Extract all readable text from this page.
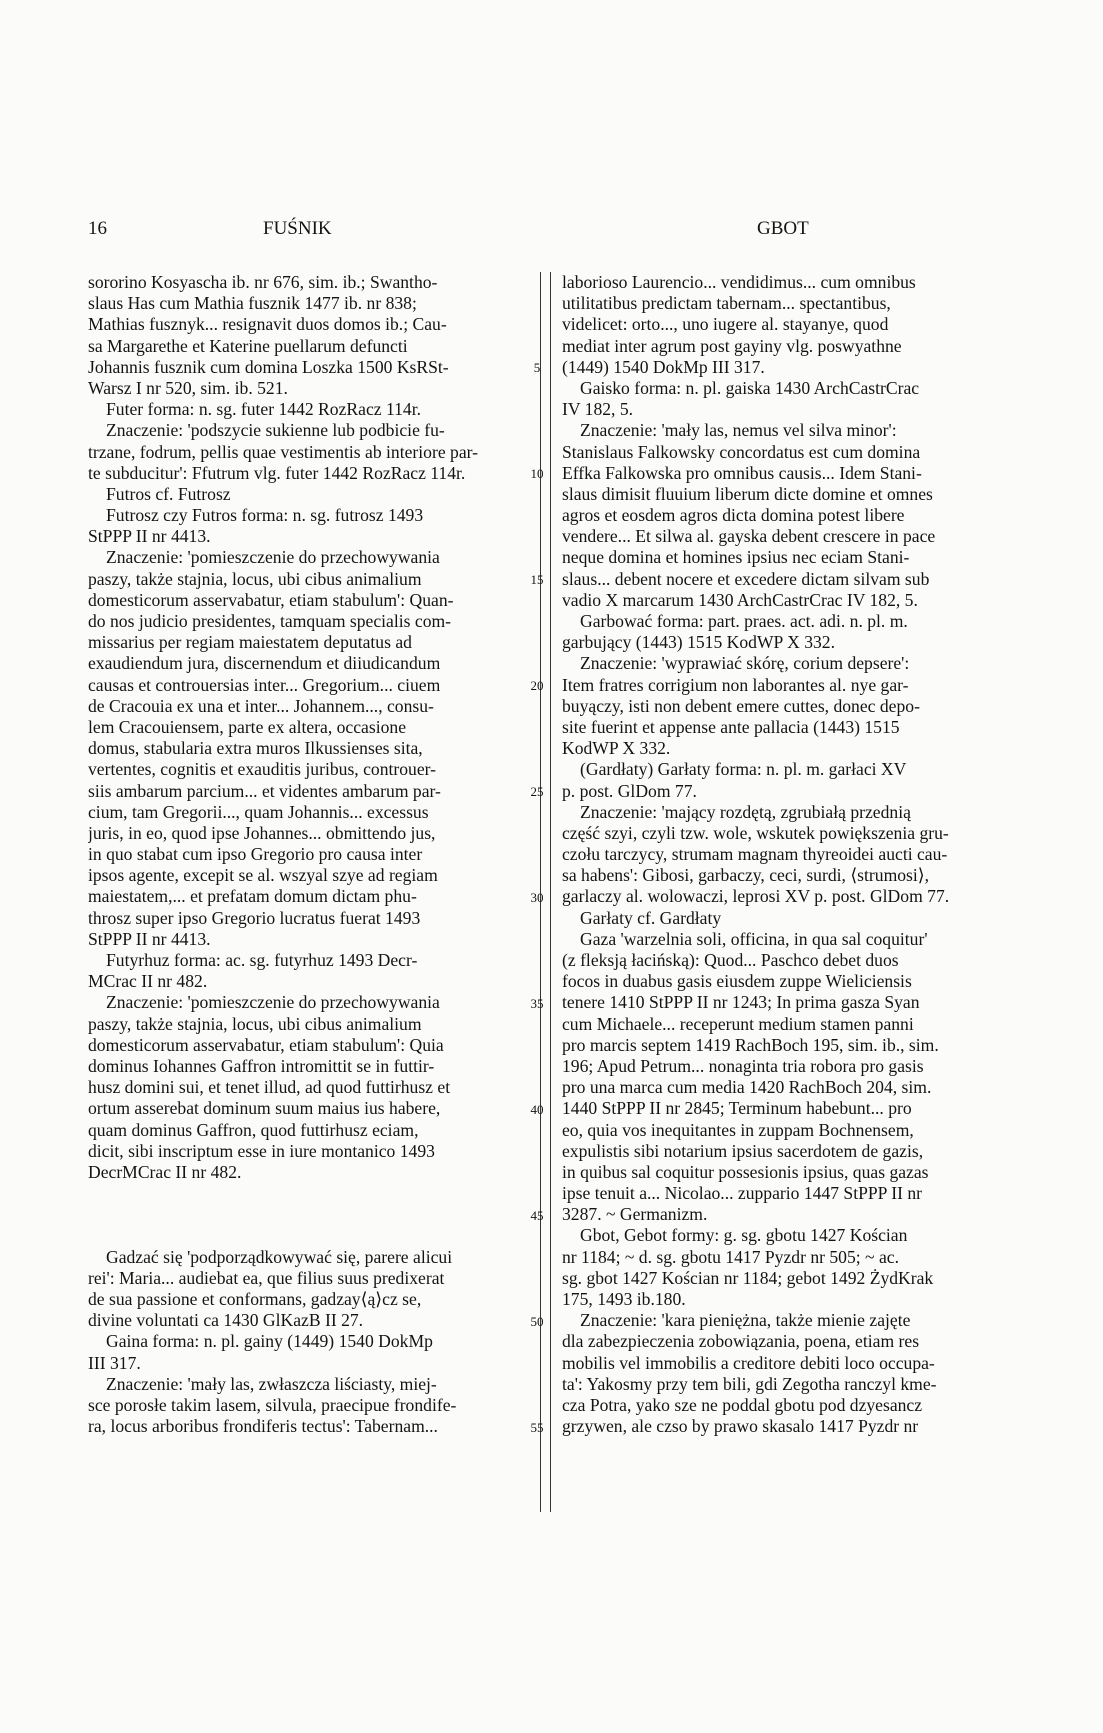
16	FUŚNIK	GBOT
sororino Kosyascha ib. nr 676, sim. ib.; Swantho-
slaus Has cum Mathia fusznik 1477 ib. nr 838;
Mathias fusznyk... resignavit duos domos ib.; Cau-
sa Margarethe et Katerine puellarum defuncti
Johannis fusznik cum domina Loszka 1500 KsRSt-
Warsz I nr 520, sim. ib. 521.
Futer forma: n. sg. futer 1442 RozRacz 114r.
Znaczenie: 'podszycie sukienne lub podbicie fu-
trzane, fodrum, pellis quae vestimentis ab interiore par-
te subducitur': Ffutrum vlg. futer 1442 RozRacz 114r.
Futros cf. Futrosz
Futrosz czy Futros forma: n. sg. futrosz 1493
StPPP II nr 4413.
Znaczenie: 'pomieszczenie do przechowywania
paszy, także stajnia, locus, ubi cibus animalium
domesticorum asservabatur, etiam stabulum': Quan-
do nos judicio presidentes, tamquam specialis com-
missarius per regiam maiestatem deputatus ad
exaudiendum jura, discernendum et diiudicandum
causas et controuersias inter... Gregorium... ciuem
de Cracouia ex una et inter... Johannem..., consu-
lem Cracouiensem, parte ex altera, occasione
domus, stabularia extra muros Ilkussienses sita,
vertentes, cognitis et exauditis juribus, controuer-
siis ambarum parcium... et videntes ambarum par-
cium, tam Gregorii..., quam Johannis... excessus
juris, in eo, quod ipse Johannes... obmittendo jus,
in quo stabat cum ipso Gregorio pro causa inter
ipsos agente, excepit se al. wszyal szye ad regiam
maiestatem,... et prefatam domum dictam phu-
throsz super ipso Gregorio lucratus fuerat 1493
StPPP II nr 4413.
Futyrhuz forma: ac. sg. futyrhuz 1493 Decr-
MCrac II nr 482.
Znaczenie: 'pomieszczenie do przechowywania
paszy, także stajnia, locus, ubi cibus animalium
domesticorum asservabatur, etiam stabulum': Quia
dominus Iohannes Gaffron intromittit se in futtir-
husz domini sui, et tenet illud, ad quod futtirhusz et
ortum asserebat dominum suum maius ius habere,
quam dominus Gaffron, quod futtirhusz eciam,
dicit, sibi inscriptum esse in iure montanico 1493
DecrMCrac II nr 482.
Gadzać się 'podporządkowywać się, parere alicui
rei': Maria... audiebat ea, que filius suus predixerat
de sua passione et conformans, gadzay⟨ą⟩cz se,
divine voluntati ca 1430 GlKazB II 27.
Gaina forma: n. pl. gainy (1449) 1540 DokMp
III 317.
Znaczenie: 'mały las, zwłaszcza liściasty, miej-
sce porosłe takim lasem, silvula, praecipue frondife-
ra, locus arboribus frondiferis tectus': Tabernam...
5
10
15
20
25
30
35
40
45
50
55
laborioso Laurencio... vendidimus... cum omnibus
utilitatibus predictam tabernam... spectantibus,
videlicet: orto..., uno iugere al. stayanye, quod
mediat inter agrum post gayiny vlg. poswyathne
(1449) 1540 DokMp III 317.
Gaisko forma: n. pl. gaiska 1430 ArchCastrCrac
IV 182, 5.
Znaczenie: 'mały las, nemus vel silva minor':
Stanislaus Falkowsky concordatus est cum domina
Effka Falkowska pro omnibus causis... Idem Stani-
slaus dimisit fluuium liberum dicte domine et omnes
agros et eosdem agros dicta domina potest libere
vendere... Et silwa al. gayska debent crescere in pace
neque domina et homines ipsius nec eciam Stani-
slaus... debent nocere et excedere dictam silvam sub
vadio X marcarum 1430 ArchCastrCrac IV 182, 5.
Garbować forma: part. praes. act. adi. n. pl. m.
garbujący (1443) 1515 KodWP X 332.
Znaczenie: 'wyprawiać skórę, corium depsere':
Item fratres corrigium non laborantes al. nye gar-
buyączy, isti non debent emere cuttes, donec depo-
site fuerint et appense ante pallacia (1443) 1515
KodWP X 332.
(Gardłaty) Garłaty forma: n. pl. m. garłaci XV
p. post. GlDom 77.
Znaczenie: 'mający rozdętą, zgrubiałą przednią
część szyi, czyli tzw. wole, wskutek powiększenia gru-
czołu tarczycy, strumam magnam thyreoidei aucti cau-
sa habens': Gibosi, garbaczy, ceci, surdi, ⟨strumosi⟩,
garlaczy al. wolowaczi, leprosi XV p. post. GlDom 77.
Garłaty cf. Gardłaty
Gaza 'warzelnia soli, officina, in qua sal coquitur'
(z fleksją łacińską): Quod... Paschco debet duos
focos in duabus gasis eiusdem zuppe Wieliciensis
tenere 1410 StPPP II nr 1243; In prima gasza Syan
cum Michaele... receperunt medium stamen panni
pro marcis septem 1419 RachBoch 195, sim. ib., sim.
196; Apud Petrum... nonaginta tria robora pro gasis
pro una marca cum media 1420 RachBoch 204, sim.
1440 StPPP II nr 2845; Terminum habebunt... pro
eo, quia vos inequitantes in zuppam Bochnensem,
expulistis sibi notarium ipsius sacerdotem de gazis,
in quibus sal coquitur possesionis ipsius, quas gazas
ipse tenuit a... Nicolao... zuppario 1447 StPPP II nr
3287. ~ Germanizm.
Gbot, Gebot formy: g. sg. gbotu 1427 Kościan
nr 1184; ~ d. sg. gbotu 1417 Pyzdr nr 505; ~ ac.
sg. gbot 1427 Kościan nr 1184; gebot 1492 ŻydKrak
175, 1493 ib.180.
Znaczenie: 'kara pieniężna, także mienie zajęte
dla zabezpieczenia zobowiązania, poena, etiam res
mobilis vel immobilis a creditore debiti loco occupa-
ta': Yakosmy przy tem bili, gdi Zegotha ranczyl kme-
cza Potra, yako sze ne poddal gbotu pod dzyesancz
grzywen, ale czso by prawo skasalo 1417 Pyzdr nr
